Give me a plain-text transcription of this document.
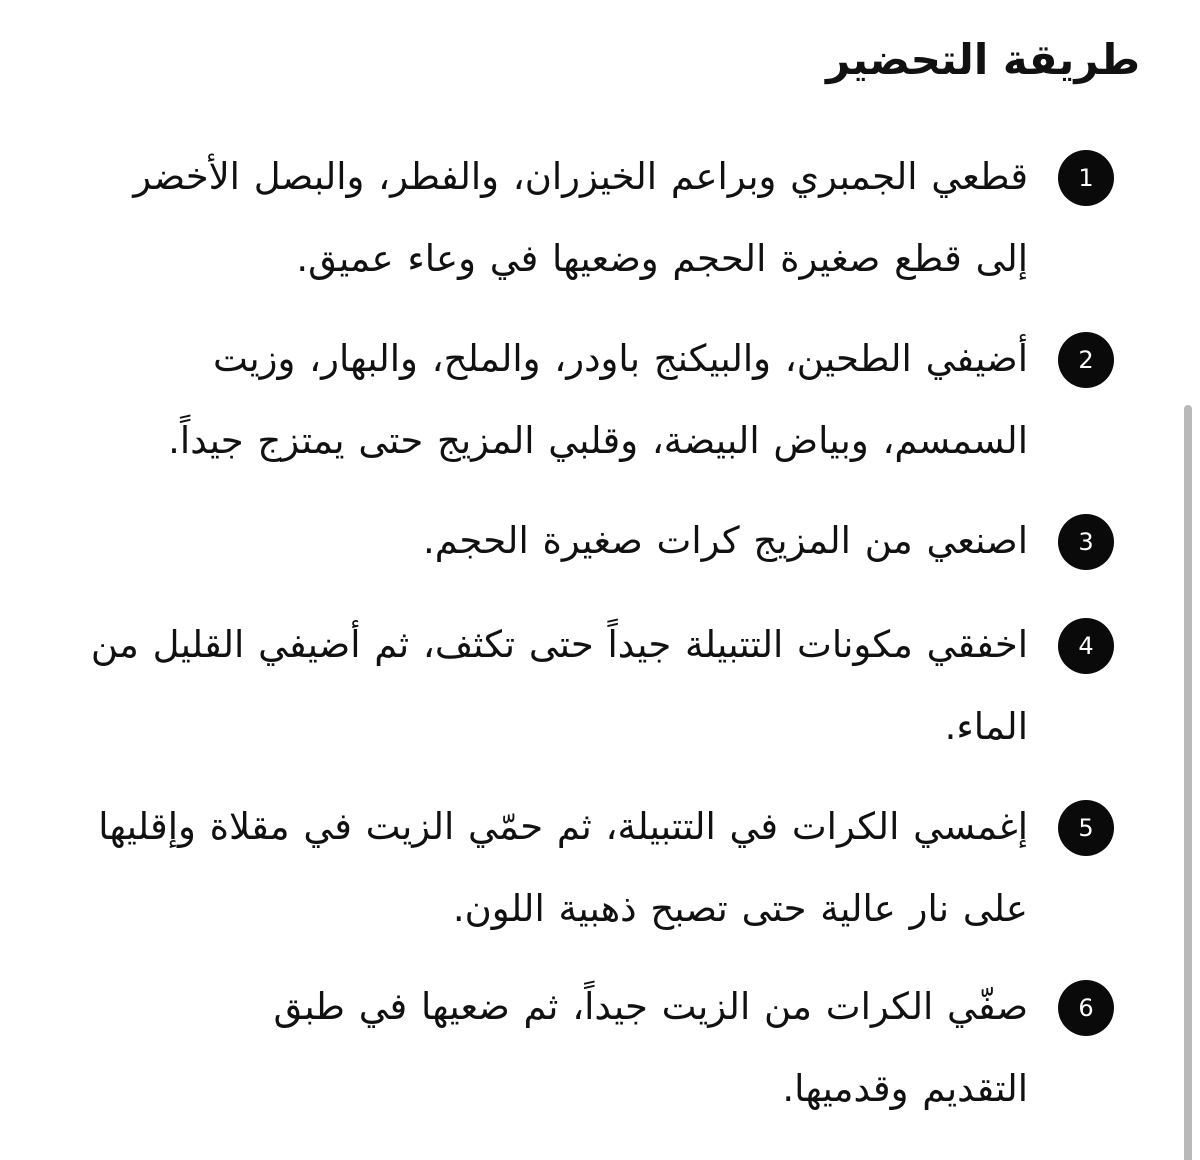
طريقة التحضير
1
قطعي الجمبري وبراعم الخيزران، والفطر، والبصل الأخضر إلى قطع صغيرة الحجم وضعيها في وعاء عميق.
2
أضيفي الطحين، والبيكنج باودر، والملح، والبهار، وزيت السمسم، وبياض البيضة، وقلبي المزيج حتى يمتزج جيداً.
3
اصنعي من المزيج كرات صغيرة الحجم.
4
اخفقي مكونات التتبيلة جيداً حتى تكثف، ثم أضيفي القليل من الماء.
5
إغمسي الكرات في التتبيلة، ثم حمّي الزيت في مقلاة وإقليها على نار عالية حتى تصبح ذهبية اللون.
6
صفّي الكرات من الزيت جيداً، ثم ضعيها في طبق التقديم وقدميها.
